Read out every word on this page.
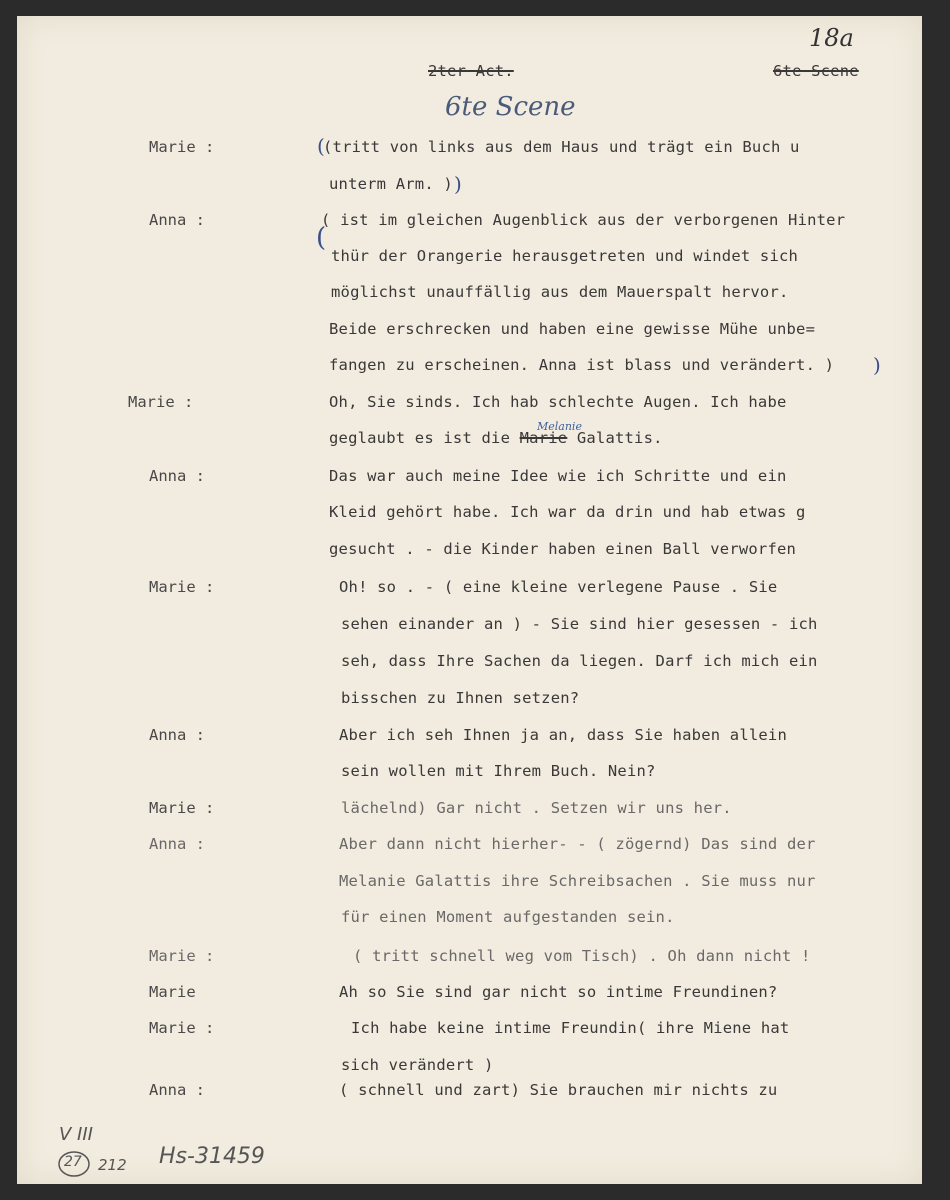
18a
2ter Act.	6te Scene
6te Scene
Marie :
Anna :
Marie :
Anna :
Marie :
Anna :
Marie :
Anna :
Marie :
Marie
Marie :
Anna :
(tritt von links aus dem Haus und trägt ein Buch u
unterm Arm. )
( ist im gleichen Augenblick aus der verborgenen Hinter
thür der Orangerie herausgetreten und windet sich
möglichst unauffällig aus dem Mauerspalt hervor.
Beide erschrecken und haben eine gewisse Mühe unbe=
fangen zu erscheinen. Anna ist blass und verändert. )
Oh, Sie sinds. Ich hab schlechte Augen. Ich habe
geglaubt es ist die Marie Galattis.
Melanie
Das war auch meine Idee wie ich Schritte und ein
Kleid gehört habe. Ich war da drin und hab etwas g
gesucht . - die Kinder haben einen Ball verworfen
Oh! so . - ( eine kleine verlegene Pause . Sie
sehen einander an ) - Sie sind hier gesessen - ich
seh, dass Ihre Sachen da liegen. Darf ich mich ein
bisschen zu Ihnen setzen?
Aber ich seh Ihnen ja an, dass Sie haben allein
sein wollen mit Ihrem Buch. Nein?
lächelnd) Gar nicht . Setzen wir uns her.
Aber dann nicht hierher- - ( zögernd) Das sind der
Melanie Galattis ihre Schreibsachen . Sie muss nur
für einen Moment aufgestanden sein.
( tritt schnell weg vom Tisch) . Oh dann nicht !
Ah so Sie sind gar nicht so intime Freundinen?
Ich habe keine intime Freundin( ihre Miene hat
sich verändert )
( schnell und zart) Sie brauchen mir nichts zu
(
)
(
)
V III
27 212 Hs-31459
